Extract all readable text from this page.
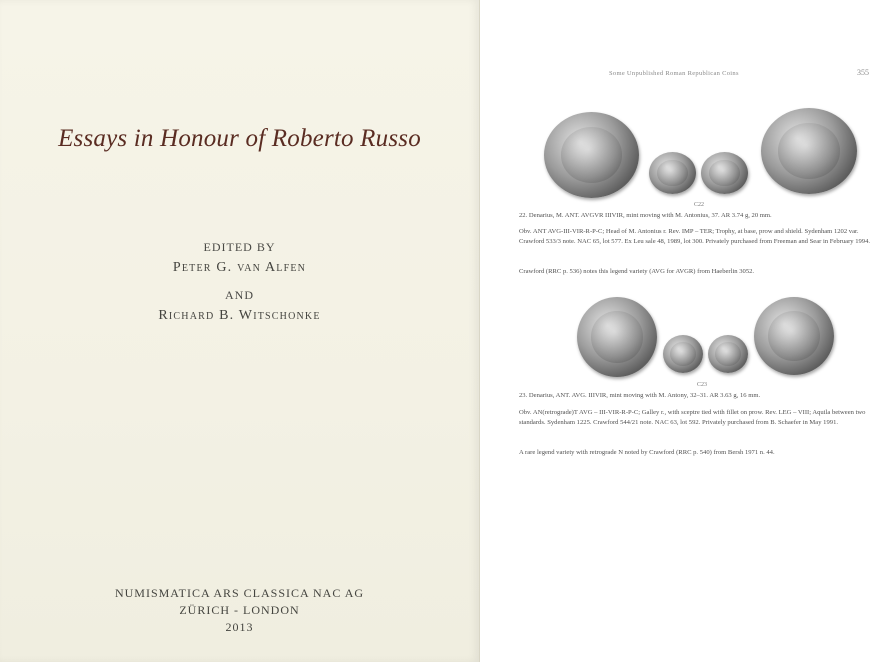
Essays in Honour of Roberto Russo
EDITED BY
Peter G. van Alfen
AND
Richard B. Witschonke
NUMISMATICA ARS CLASSICA NAC AG
ZÜRICH - LONDON
2013
Some Unpublished Roman Republican Coins	355
C22
22. Denarius, M. ANT. AVGVR IIIVIR, mint moving with M. Antonius, 37. AR 3.74 g, 20 mm.
Obv. ANT AVG-III-VIR-R-P-C; Head of M. Antonius r. Rev. IMP – TER; Trophy, at base, prow and shield. Sydenham 1202 var. Crawford 533/3 note. NAC 65, lot 577. Ex Leu sale 48, 1989, lot 300. Privately purchased from Freeman and Sear in February 1994.
Crawford (RRC p. 536) notes this legend variety (AVG for AVGR) from Haeberlin 3052.
C23
23. Denarius, ANT. AVG. IIIVIR, mint moving with M. Antony, 32–31. AR 3.63 g, 16 mm.
Obv. AN(retrograde)T AVG – III-VIR-R-P-C; Galley r., with sceptre tied with fillet on prow. Rev. LEG – VIII; Aquila between two standards. Sydenham 1225. Crawford 544/21 note. NAC 63, lot 592. Privately purchased from B. Schaefer in May 1991.
A rare legend variety with retrograde N noted by Crawford (RRC p. 540) from Bersh 1971 n. 44.
